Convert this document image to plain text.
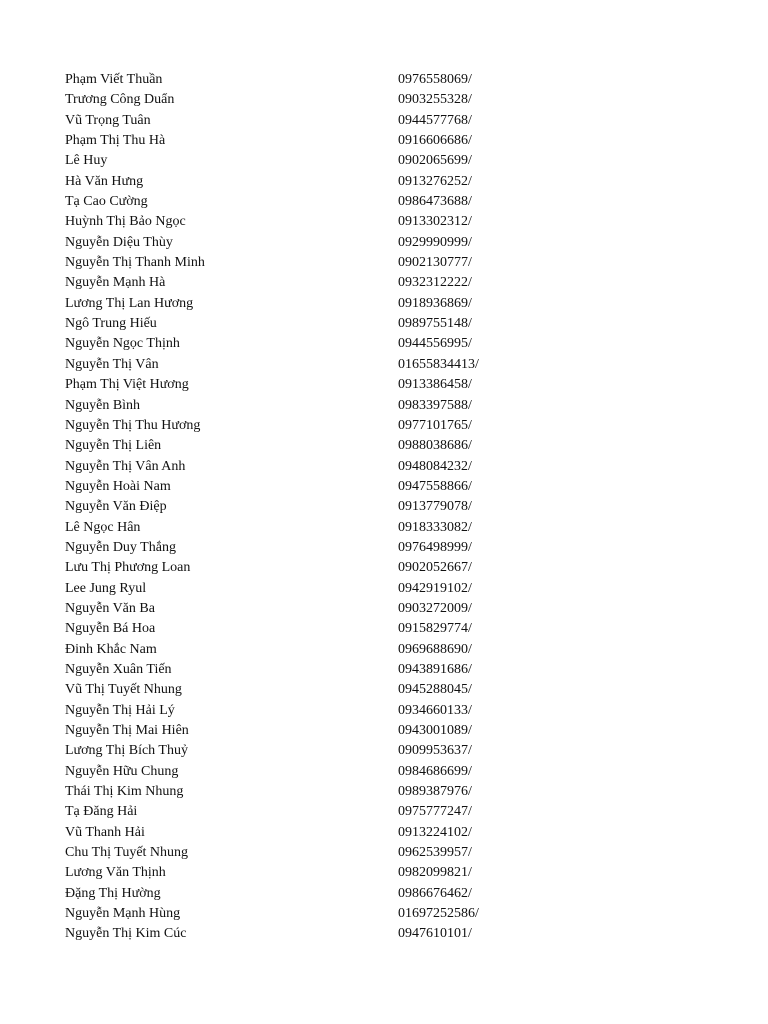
Phạm Viết Thuần	0976558069/
Trương Công Duẩn	0903255328/
Vũ Trọng Tuân	0944577768/
Phạm Thị Thu Hà	0916606686/
Lê Huy	0902065699/
Hà Văn Hưng	0913276252/
Tạ Cao Cường	0986473688/
Huỳnh Thị Bảo Ngọc	0913302312/
Nguyễn Diệu Thùy	0929990999/
Nguyễn Thị Thanh Minh	0902130777/
Nguyễn Mạnh Hà	0932312222/
Lương Thị Lan Hương	0918936869/
Ngô Trung Hiếu	0989755148/
Nguyễn Ngọc Thịnh	0944556995/
Nguyễn Thị Vân	01655834413/
Phạm Thị Việt Hương	0913386458/
Nguyễn Bình	0983397588/
Nguyễn Thị Thu Hương	0977101765/
Nguyễn Thị Liên	0988038686/
Nguyễn Thị Vân Anh	0948084232/
Nguyễn Hoài Nam	0947558866/
Nguyễn Văn Điệp	0913779078/
Lê Ngọc Hân	0918333082/
Nguyễn Duy Thắng	0976498999/
Lưu Thị Phương Loan	0902052667/
Lee Jung Ryul	0942919102/
Nguyễn Văn Ba	0903272009/
Nguyễn Bá Hoa	0915829774/
Đinh Khắc Nam	0969688690/
Nguyễn Xuân Tiến	0943891686/
Vũ Thị Tuyết Nhung	0945288045/
Nguyễn Thị Hải Lý	0934660133/
Nguyễn Thị Mai Hiên	0943001089/
Lương Thị Bích Thuỷ	0909953637/
Nguyễn Hữu Chung	0984686699/
Thái Thị Kim Nhung	0989387976/
Tạ Đăng Hải	0975777247/
Vũ Thanh Hải	0913224102/
Chu Thị Tuyết Nhung	0962539957/
Lương Văn Thịnh	0982099821/
Đặng Thị Hường	0986676462/
Nguyễn Mạnh Hùng	01697252586/
Nguyễn Thị Kim Cúc	0947610101/
